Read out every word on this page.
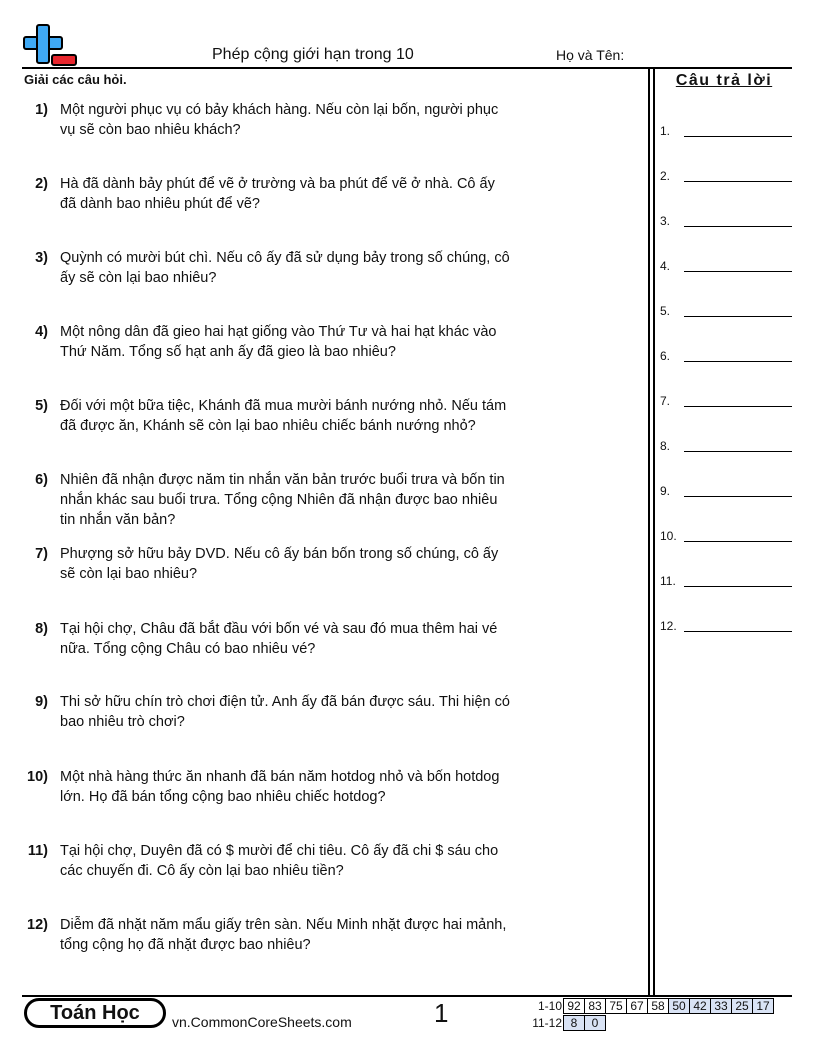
Phép cộng giới hạn trong 10	Họ và Tên:
Giải các câu hỏi.	Câu trả lời
1) Một người phục vụ có bảy khách hàng. Nếu còn lại bốn, người phục vụ sẽ còn bao nhiêu khách?
2) Hà đã dành bảy phút để vẽ ở trường và ba phút để vẽ ở nhà. Cô ấy đã dành bao nhiêu phút để vẽ?
3) Quỳnh có mười bút chì. Nếu cô ấy đã sử dụng bảy trong số chúng, cô ấy sẽ còn lại bao nhiêu?
4) Một nông dân đã gieo hai hạt giống vào Thứ Tư và hai hạt khác vào Thứ Năm. Tổng số hạt anh ấy đã gieo là bao nhiêu?
5) Đối với một bữa tiệc, Khánh đã mua mười bánh nướng nhỏ. Nếu tám đã được ăn, Khánh sẽ còn lại bao nhiêu chiếc bánh nướng nhỏ?
6) Nhiên đã nhận được năm tin nhắn văn bản trước buổi trưa và bốn tin nhắn khác sau buổi trưa. Tổng cộng Nhiên đã nhận được bao nhiêu tin nhắn văn bản?
7) Phượng sở hữu bảy DVD. Nếu cô ấy bán bốn trong số chúng, cô ấy sẽ còn lại bao nhiêu?
8) Tại hội chợ, Châu đã bắt đầu với bốn vé và sau đó mua thêm hai vé nữa. Tổng cộng Châu có bao nhiêu vé?
9) Thi sở hữu chín trò chơi điện tử. Anh ấy đã bán được sáu. Thi hiện có bao nhiêu trò chơi?
10) Một nhà hàng thức ăn nhanh đã bán năm hotdog nhỏ và bốn hotdog lớn. Họ đã bán tổng cộng bao nhiêu chiếc hotdog?
11) Tại hội chợ, Duyên đã có $ mười để chi tiêu. Cô ấy đã chi $ sáu cho các chuyến đi. Cô ấy còn lại bao nhiêu tiền?
12) Diễm đã nhặt năm mẩu giấy trên sàn. Nếu Minh nhặt được hai mảnh, tổng cộng họ đã nhặt được bao nhiêu?
1.
2.
3.
4.
5.
6.
7.
8.
9.
10.
11.
12.
Toán Học	vn.CommonCoreSheets.com	1	1-10 92 83 75 67 58 50 42 33 25 17
11-12 8	0
